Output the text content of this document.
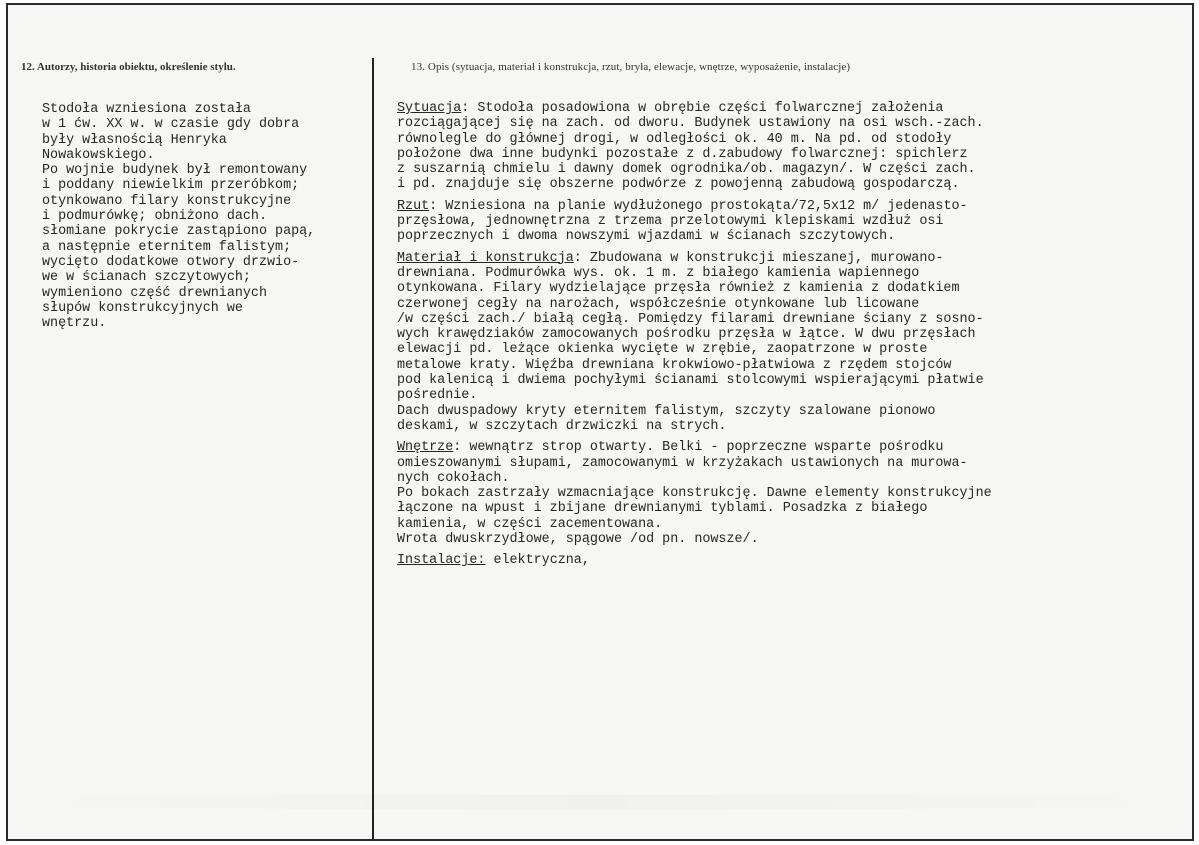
12. Autorzy, historia obiektu, określenie stylu.	13. Opis (sytuacja, materiał i konstrukcja, rzut, bryła, elewacje, wnętrze, wyposażenie, instalacje)
Stodoła wzniesiona została
w 1 ćw. XX w. w czasie gdy dobra
były własnością Henryka
Nowakowskiego.
Po wojnie budynek był remontowany
i poddany niewielkim przeróbkom;
otynkowano filary konstrukcyjne
i podmurówkę; obniżono dach.
słomiane pokrycie zastąpiono papą,
a następnie eternitem falistym;
wycięto dodatkowe otwory drzwio-
we w ścianach szczytowych;
wymieniono część drewnianych
słupów konstrukcyjnych we
wnętrzu.
Sytuacja: Stodoła posadowiona w obrębie części folwarcznej założenia
rozciągającej się na zach. od dworu. Budynek ustawiony na osi wsch.-zach.
równolegle do głównej drogi, w odległości ok. 40 m. Na pd. od stodoły
położone dwa inne budynki pozostałe z d.zabudowy folwarcznej: spichlerz
z suszarnią chmielu i dawny domek ogrodnika/ob. magazyn/. W części zach.
i pd. znajduje się obszerne podwórze z powojenną zabudową gospodarczą.
Rzut: Wzniesiona na planie wydłużonego prostokąta/72,5x12 m/ jedenasto-
przęsłowa, jednownętrzna z trzema przelotowymi klepiskami wzdłuż osi
poprzecznych i dwoma nowszymi wjazdami w ścianach szczytowych.
Materiał i konstrukcja: Zbudowana w konstrukcji mieszanej, murowano-
drewniana. Podmurówka wys. ok. 1 m. z białego kamienia wapiennego
otynkowana. Filary wydzielające przęsła również z kamienia z dodatkiem
czerwonej cegły na narożach, współcześnie otynkowane lub licowane
/w części zach./ białą cegłą. Pomiędzy filarami drewniane ściany z sosno-
wych krawędziaków zamocowanych pośrodku przęsła w łątce. W dwu przęsłach
elewacji pd. leżące okienka wycięte w zrębie, zaopatrzone w proste
metalowe kraty. Więźba drewniana krokwiowo-płatwiowa z rzędem stojców
pod kalenicą i dwiema pochyłymi ścianami stolcowymi wspierającymi płatwie
pośrednie.
Dach dwuspadowy kryty eternitem falistym, szczyty szalowane pionowo
deskami, w szczytach drzwiczki na strych.
Wnętrze: wewnątrz strop otwarty. Belki - poprzeczne wsparte pośrodku
omieszowanymi słupami, zamocowanymi w krzyżakach ustawionych na murowa-
nych cokołach.
Po bokach zastrzały wzmacniające konstrukcję. Dawne elementy konstrukcyjne
łączone na wpust i zbijane drewnianymi tyblami. Posadzka z białego
kamienia, w części zacementowana.
Wrota dwuskrzydłowe, spągowe /od pn. nowsze/.
Instalacje: elektryczna,
